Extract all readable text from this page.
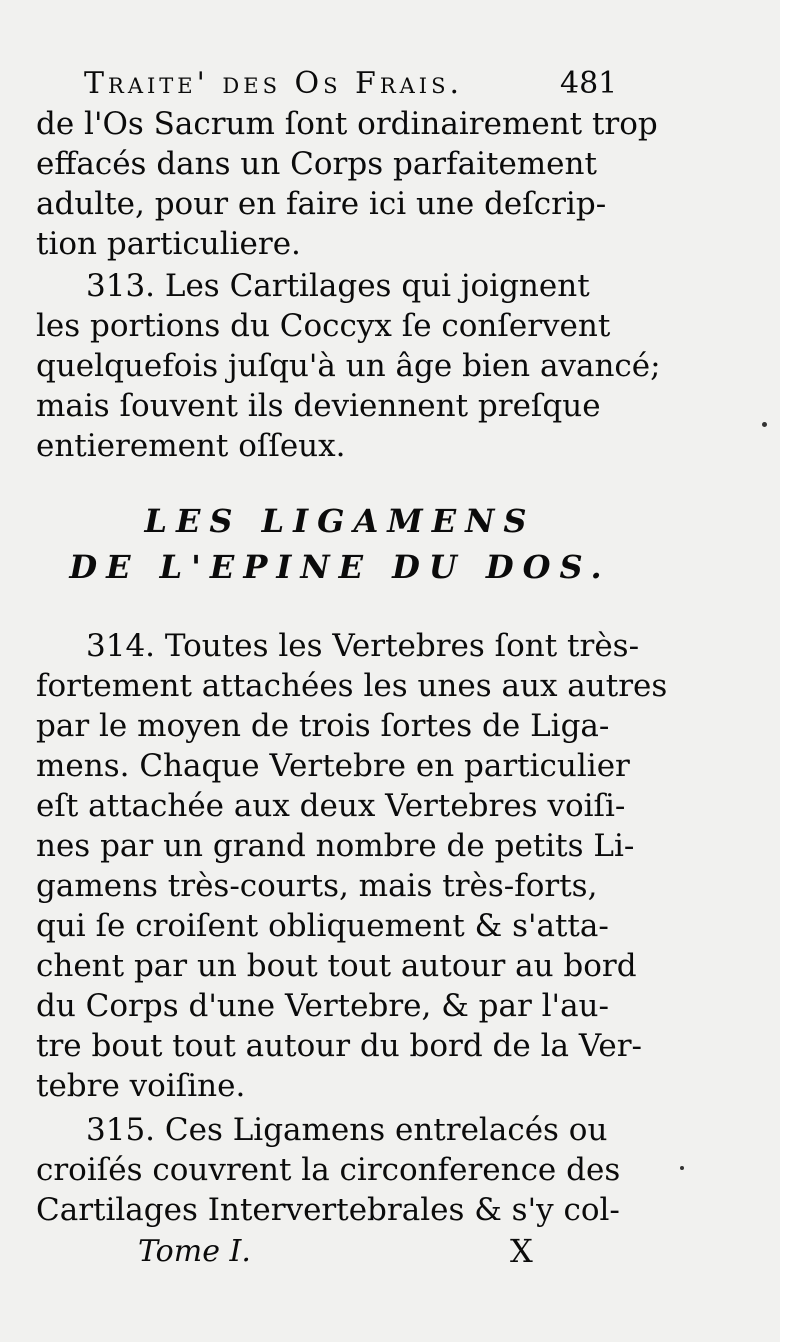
Traite' des Os Frais.	481
de l'Os Sacrum ſont ordinairement trop
effacés dans un Corps parfaitement
adulte, pour en faire ici une deſcrip-
tion particuliere.
313. Les Cartilages qui joignent
les portions du Coccyx ſe conſervent
quelquefois juſqu'à un âge bien avancé;
mais ſouvent ils deviennent preſque
entierement oſſeux.
LES LIGAMENS
DE L'EPINE DU DOS.
314. Toutes les Vertebres ſont très-
fortement attachées les unes aux autres
par le moyen de trois ſortes de Liga-
mens. Chaque Vertebre en particulier
eſt attachée aux deux Vertebres voiſi-
nes par un grand nombre de petits Li-
gamens très-courts, mais très-forts,
qui ſe croiſent obliquement & s'atta-
chent par un bout tout autour au bord
du Corps d'une Vertebre, & par l'au-
tre bout tout autour du bord de la Ver-
tebre voiſine.
315. Ces Ligamens entrelacés ou
croiſés couvrent la circonference des
Cartilages Intervertebrales & s'y col-
Tome I.	X
